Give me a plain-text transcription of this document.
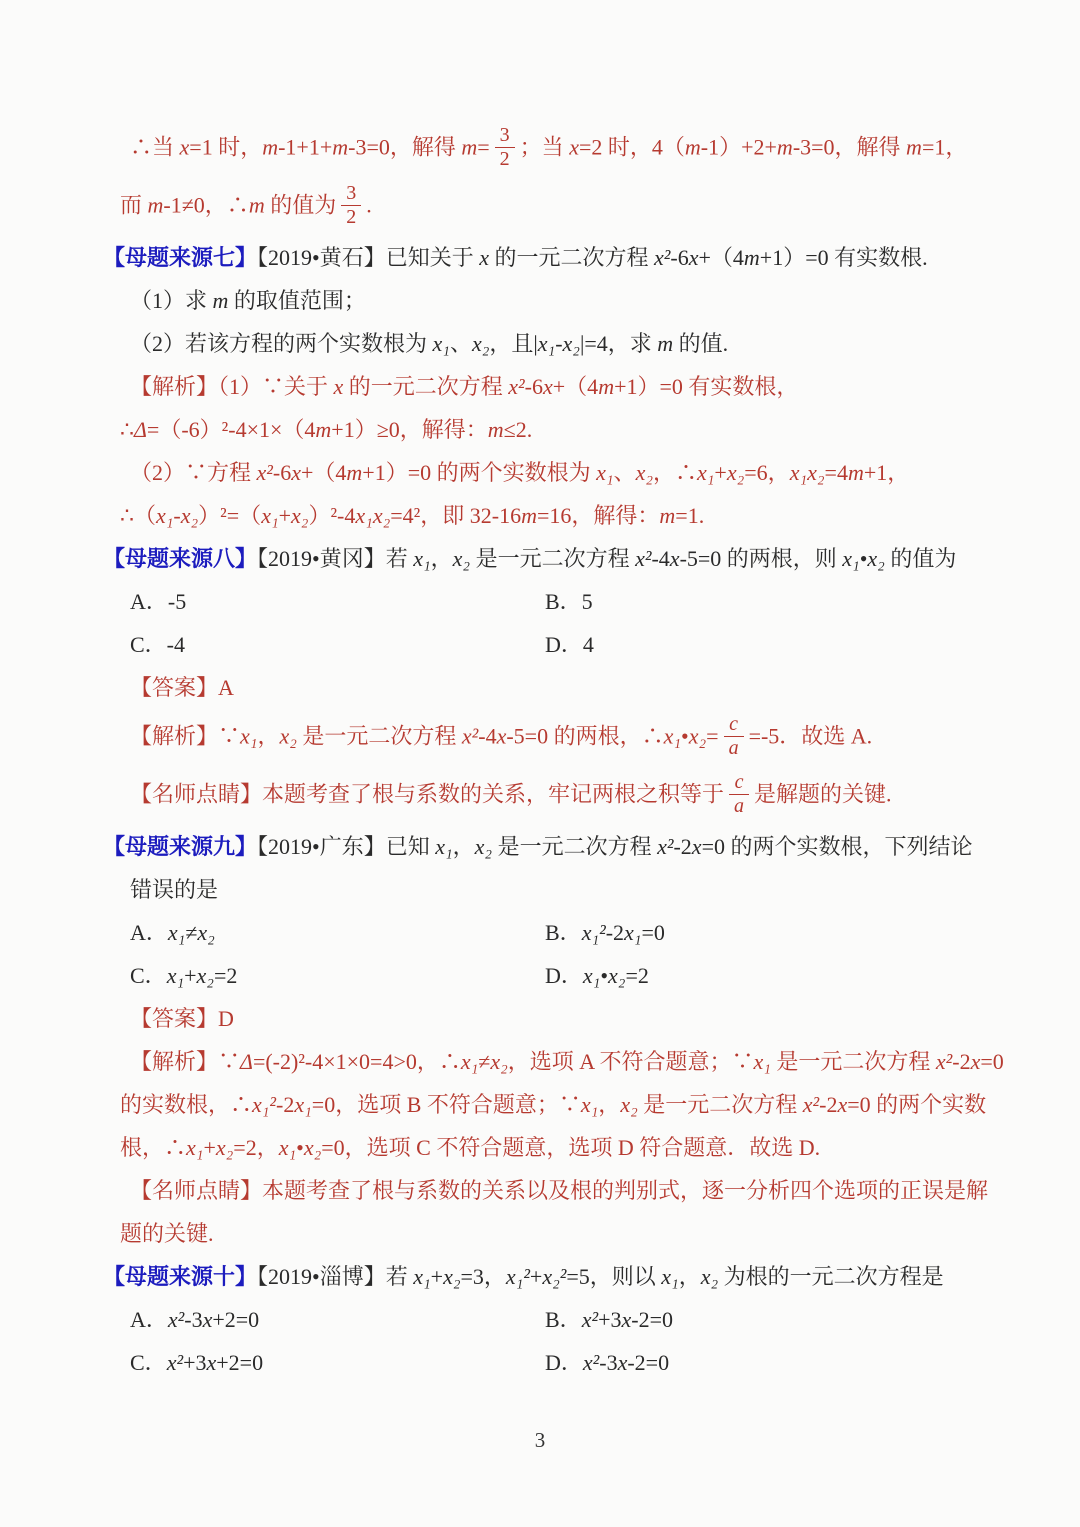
∴当 x=1 时，m-1+1+m-3=0，解得 $m= \frac{3}{2}$ ；当 x=2 时，4（m-1）+2+m-3=0，解得 m=1，
而 m-1≠0，∴m 的值为 $\frac{3}{2}$ .
【母题来源七】【2019•黄石】已知关于 x 的一元二次方程 x²-6x+（4m+1）=0 有实数根.
（1）求 m 的取值范围；
（2）若该方程的两个实数根为 x₁、x₂，且|x₁-x₂|=4，求 m 的值.
【解析】（1）∵关于 x 的一元二次方程 x²-6x+（4m+1）=0 有实数根，
∴Δ=（-6）²-4×1×（4m+1）≥0，解得：m≤2.
（2）∵方程 x²-6x+（4m+1）=0 的两个实数根为 x₁、x₂，∴x₁+x₂=6，x₁x₂=4m+1，
∴（x₁-x₂）²=（x₁+x₂）²-4x₁x₂=4²，即 32-16m=16，解得：m=1.
【母题来源八】【2019•黄冈】若 x₁，x₂ 是一元二次方程 x²-4x-5=0 的两根，则 x₁•x₂ 的值为
A．-5	B．5
C．-4	D．4
【答案】A
【解析】∵x₁，x₂ 是一元二次方程 x²-4x-5=0 的两根，∴x₁•x₂= $\frac{c}{a} =-5$．故选 A.
【名师点睛】本题考查了根与系数的关系，牢记两根之积等于 $\frac{c}{a}$ 是解题的关键.
【母题来源九】【2019•广东】已知 x₁，x₂ 是一元二次方程 x²-2x=0 的两个实数根，下列结论
错误的是
A．x₁≠x₂	B．x₁²-2x₁=0
C．x₁+x₂=2	D．x₁•x₂=2
【答案】D
【解析】∵Δ=(-2)²-4×1×0=4>0，∴x₁≠x₂，选项 A 不符合题意；∵x₁ 是一元二次方程 x²-2x=0
的实数根，∴x₁²-2x₁=0，选项 B 不符合题意；∵x₁，x₂ 是一元二次方程 x²-2x=0 的两个实数
根，∴x₁+x₂=2，x₁•x₂=0，选项 C 不符合题意，选项 D 符合题意．故选 D.
【名师点睛】本题考查了根与系数的关系以及根的判别式，逐一分析四个选项的正误是解
题的关键.
【母题来源十】【2019•淄博】若 x₁+x₂=3，x₁²+x₂²=5，则以 x₁，x₂ 为根的一元二次方程是
A．x²-3x+2=0	B．x²+3x-2=0
C．x²+3x+2=0	D．x²-3x-2=0
3
